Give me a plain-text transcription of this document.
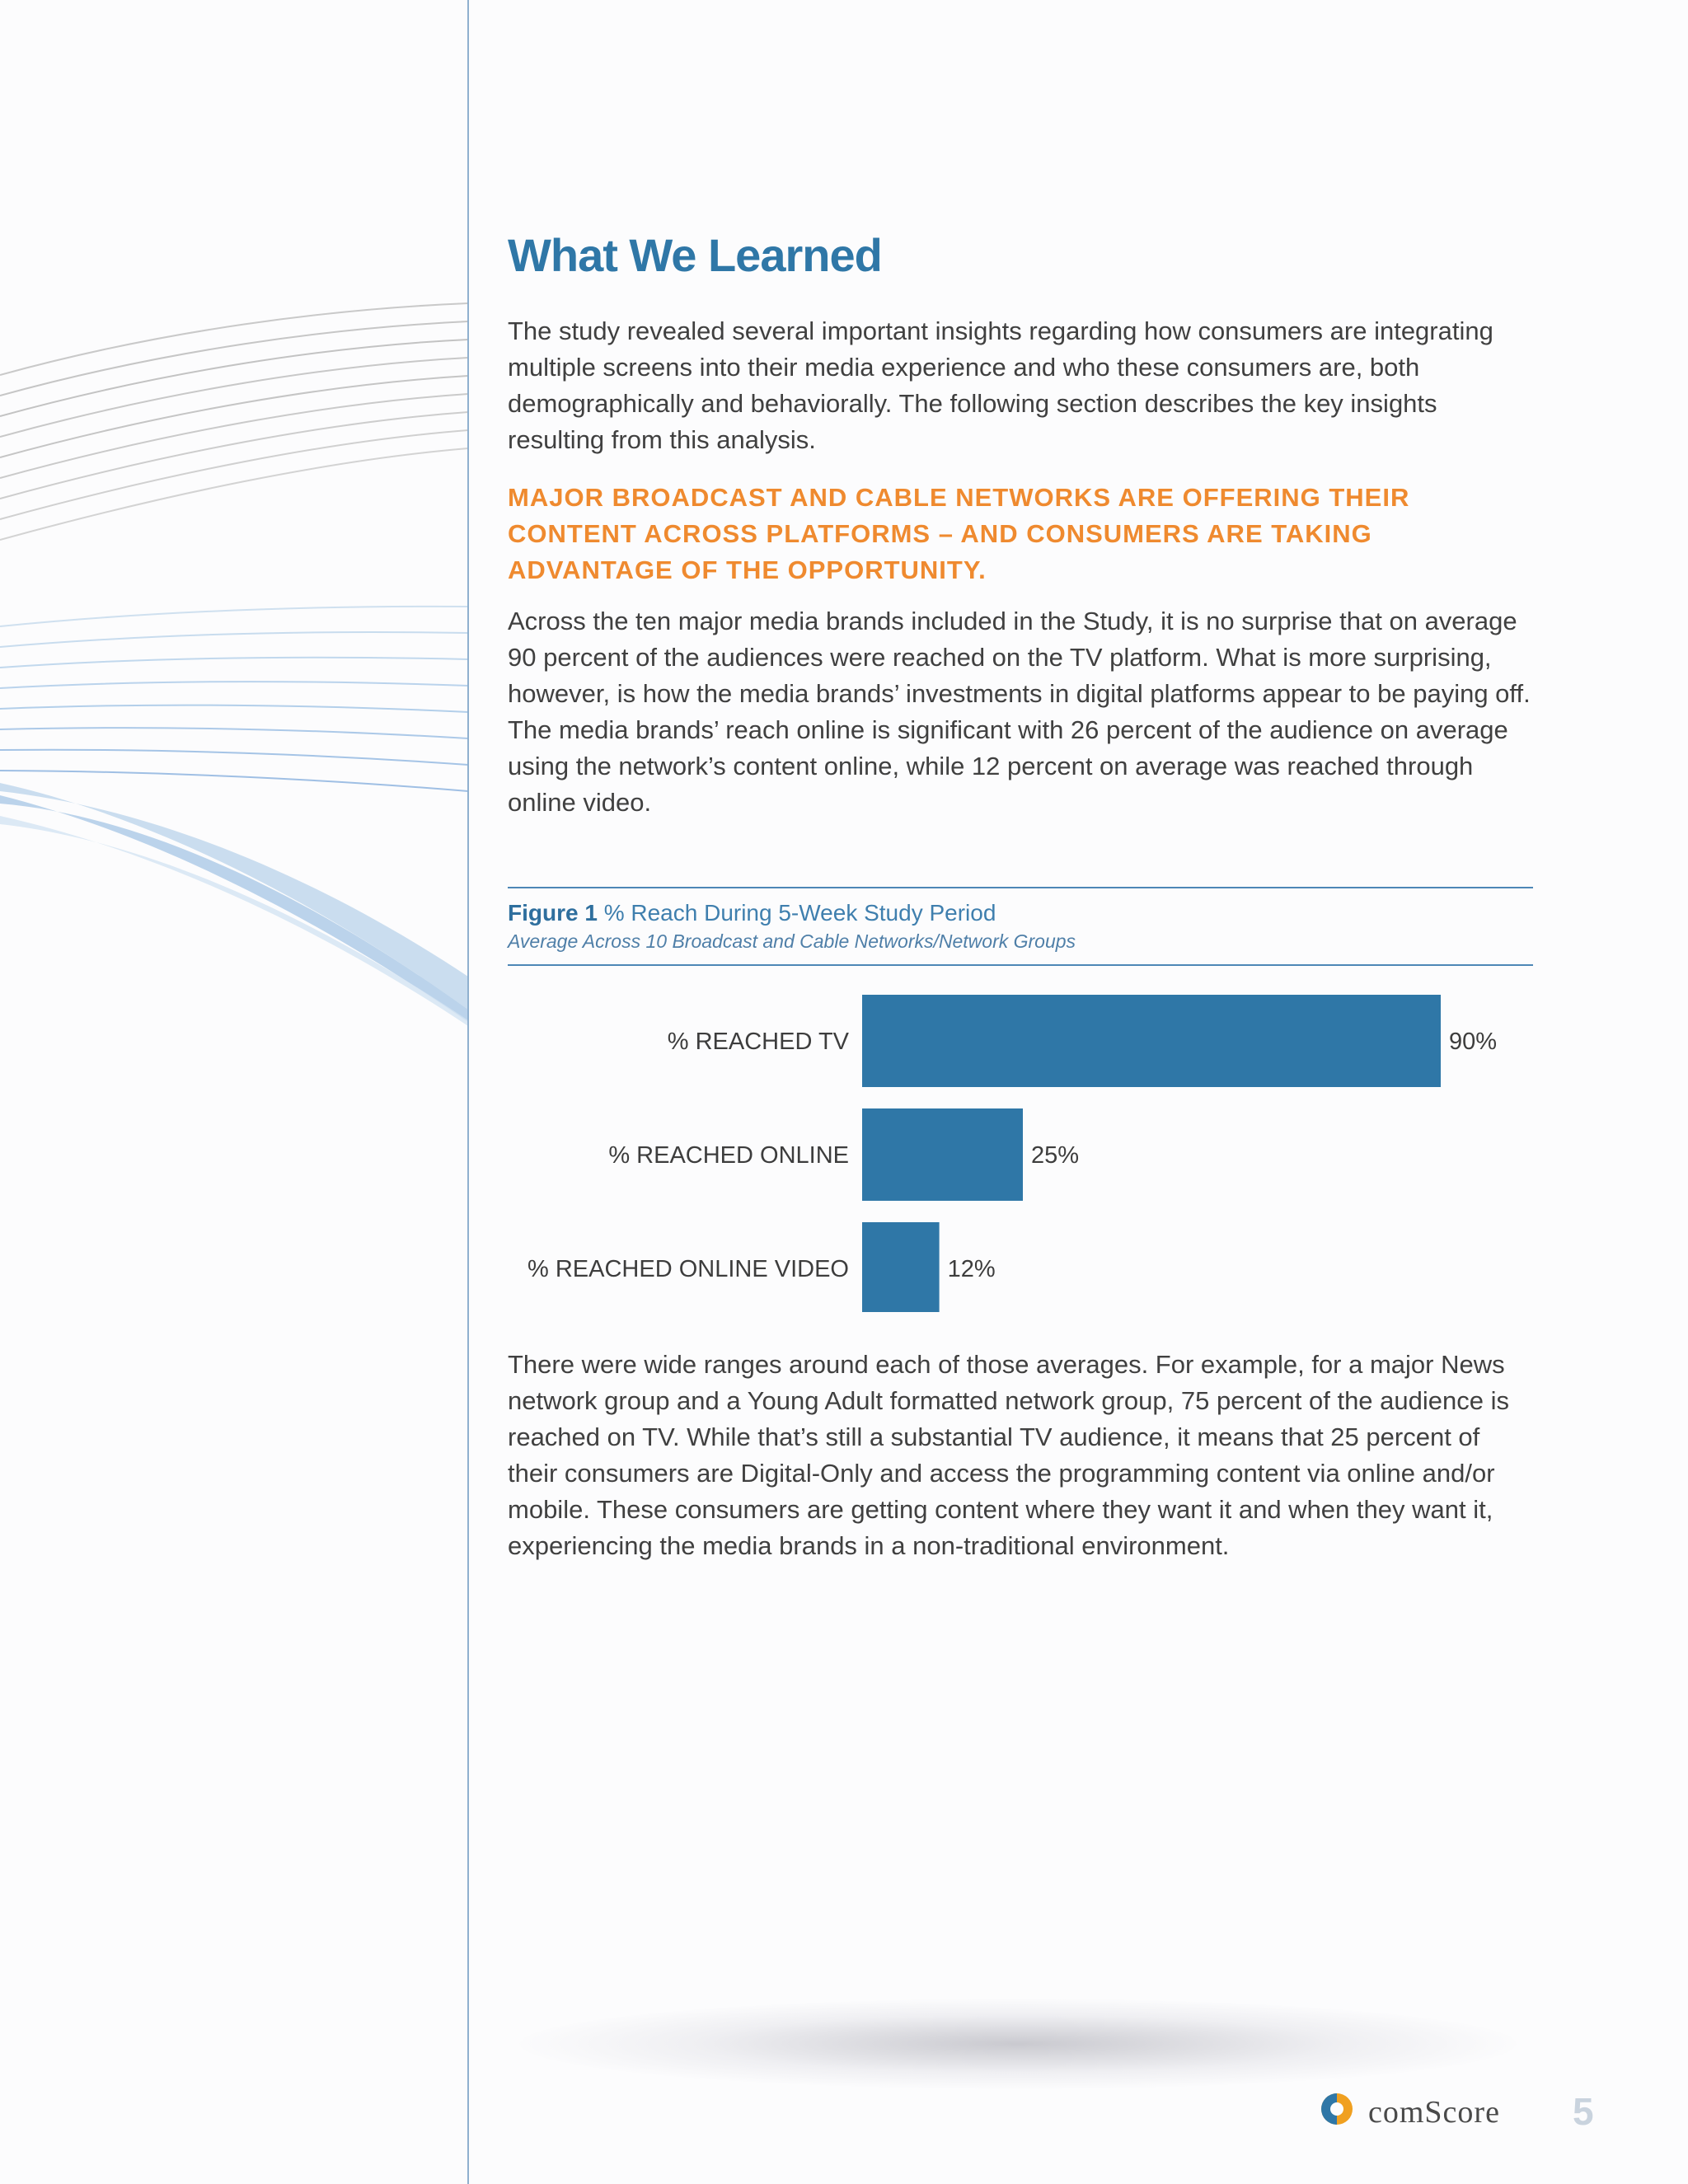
What We Learned

The study revealed several important insights regarding how consumers are integrating multiple screens into their media experience and who these consumers are, both demographically and behaviorally. The following section describes the key insights resulting from this analysis.

MAJOR BROADCAST AND CABLE NETWORKS ARE OFFERING THEIR CONTENT ACROSS PLATFORMS – AND CONSUMERS ARE TAKING ADVANTAGE OF THE OPPORTUNITY.

Across the ten major media brands included in the Study, it is no surprise that on average 90 percent of the audiences were reached on the TV platform. What is more surprising, however, is how the media brands’ investments in digital platforms appear to be paying off. The media brands’ reach online is significant with 26 percent of the audience on average using the network’s content online, while 12 percent on average was reached through online video.

Figure 1 % Reach During 5-Week Study Period
Average Across 10 Broadcast and Cable Networks/Network Groups
% REACHED TV	90%
% REACHED ONLINE	25%
% REACHED ONLINE VIDEO	12%

There were wide ranges around each of those averages. For example, for a major News network group and a Young Adult formatted network group, 75 percent of the audience is reached on TV. While that’s still a substantial TV audience, it means that 25 percent of their consumers are Digital-Only and access the programming content via online and/or mobile. These consumers are getting content where they want it and when they want it, experiencing the media brands in a non-traditional environment.

comScore 5
